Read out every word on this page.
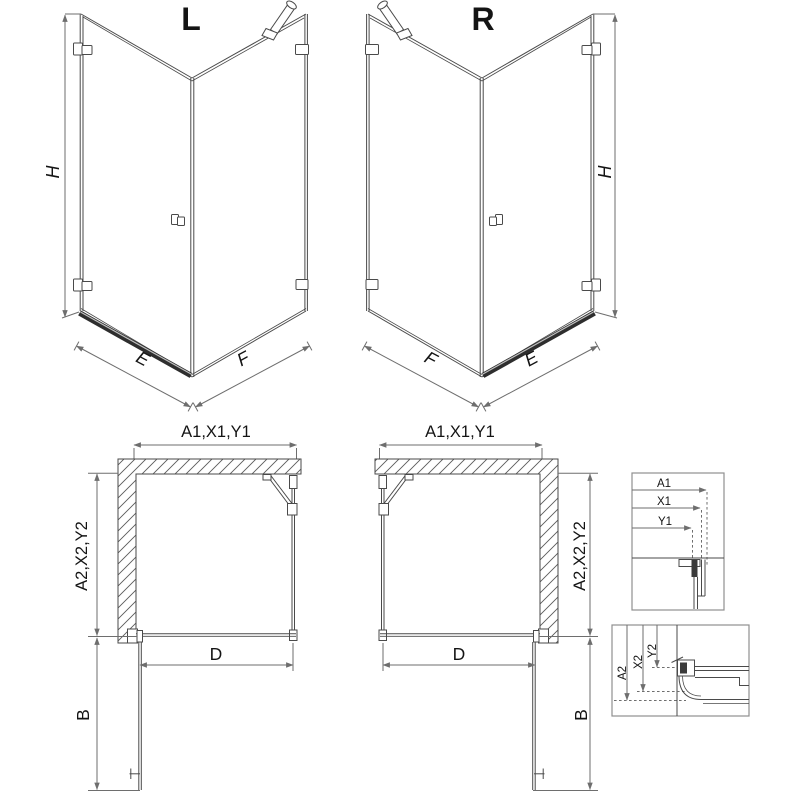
L
H
E	F
R
H
E
F
A1,X1,Y1
A2,X2,Y2
D
B
A1,X1,Y1
A2,X2,Y2
D
B
A1
X1
Y1
A2
X2
Y2
